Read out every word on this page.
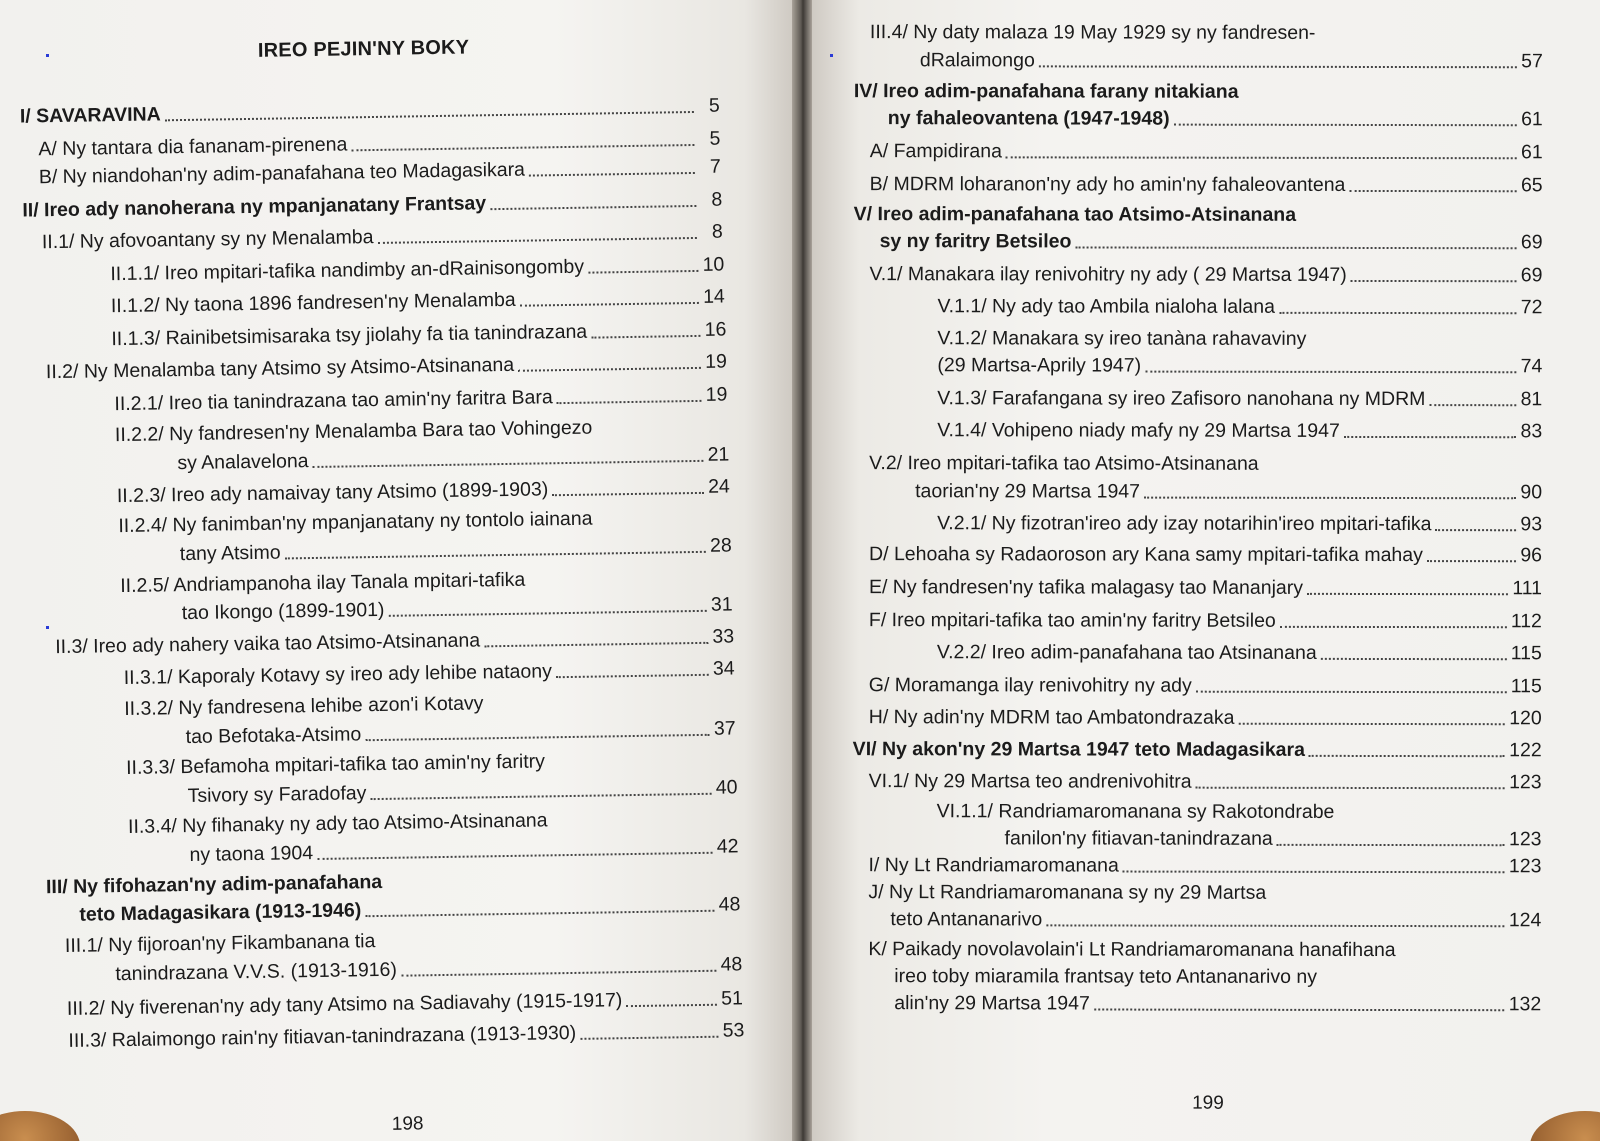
IREO PEJIN'NY BOKY
I/ SAVARAVINA	5
A/ Ny tantara dia fananam-pirenena	5
B/ Ny niandohan'ny adim-panafahana teo Madagasikara	7
II/ Ireo ady nanoherana ny mpanjanatany Frantsay	8
II.1/ Ny afovoantany sy ny Menalamba	8
II.1.1/ Ireo mpitari-tafika nandimby an-dRainisongomby	10
II.1.2/ Ny taona 1896 fandresen'ny Menalamba	14
II.1.3/ Rainibetsimisaraka tsy jiolahy fa tia tanindrazana	16
II.2/ Ny Menalamba tany Atsimo sy Atsimo-Atsinanana	19
II.2.1/ Ireo tia tanindrazana tao amin'ny faritra Bara	19
II.2.2/ Ny fandresen'ny Menalamba Bara tao Vohingezo
sy Analavelona	21
II.2.3/ Ireo ady namaivay tany Atsimo (1899-1903)	24
II.2.4/ Ny fanimban'ny mpanjanatany ny tontolo iainana
tany Atsimo	28
II.2.5/ Andriampanoha ilay Tanala mpitari-tafika
tao Ikongo (1899-1901)	31
II.3/ Ireo ady nahery vaika tao Atsimo-Atsinanana	33
II.3.1/ Kaporaly Kotavy sy ireo ady lehibe nataony	34
II.3.2/ Ny fandresena lehibe azon'i Kotavy
tao Befotaka-Atsimo	37
II.3.3/ Befamoha mpitari-tafika tao amin'ny faritry
Tsivory sy Faradofay	40
II.3.4/ Ny fihanaky ny ady tao Atsimo-Atsinanana
ny taona 1904	42
III/ Ny fifohazan'ny adim-panafahana
teto Madagasikara (1913-1946)	48
III.1/ Ny fijoroan'ny Fikambanana tia
tanindrazana V.V.S. (1913-1916)	48
III.2/ Ny fiverenan'ny ady tany Atsimo na Sadiavahy (1915-1917)	51
III.3/ Ralaimongo rain'ny fitiavan-tanindrazana (1913-1930)	53
198
III.4/ Ny daty malaza 19 May 1929 sy ny fandresen-
dRalaimongo	57
IV/ Ireo adim-panafahana farany nitakiana
ny fahaleovantena (1947-1948)	61
A/ Fampidirana	61
B/ MDRM loharanon'ny ady ho amin'ny fahaleovantena	65
V/ Ireo adim-panafahana tao Atsimo-Atsinanana
sy ny faritry Betsileo	69
V.1/ Manakara ilay renivohitry ny ady ( 29 Martsa 1947)	69
V.1.1/ Ny ady tao Ambila nialoha lalana	72
V.1.2/ Manakara sy ireo tanàna rahavaviny
(29 Martsa-Aprily 1947)	74
V.1.3/ Farafangana sy ireo Zafisoro nanohana ny MDRM	81
V.1.4/ Vohipeno niady mafy ny 29 Martsa 1947	83
V.2/ Ireo mpitari-tafika tao Atsimo-Atsinanana
taorian'ny 29 Martsa 1947	90
V.2.1/ Ny fizotran'ireo ady izay notarihin'ireo mpitari-tafika	93
D/ Lehoaha sy Radaoroson ary Kana samy mpitari-tafika mahay	96
E/ Ny fandresen'ny tafika malagasy tao Mananjary	111
F/ Ireo mpitari-tafika tao amin'ny faritry Betsileo	112
V.2.2/ Ireo adim-panafahana tao Atsinanana	115
G/ Moramanga ilay renivohitry ny ady	115
H/ Ny adin'ny MDRM tao Ambatondrazaka	120
VI/ Ny akon'ny 29 Martsa 1947 teto Madagasikara	122
VI.1/ Ny 29 Martsa teo andrenivohitra	123
VI.1.1/ Randriamaromanana sy Rakotondrabe
fanilon'ny fitiavan-tanindrazana	123
I/ Ny Lt Randriamaromanana	123
J/ Ny Lt Randriamaromanana sy ny 29 Martsa
teto Antananarivo	124
K/ Paikady novolavolain'i Lt Randriamaromanana hanafihana
ireo toby miaramila frantsay teto Antananarivo ny
alin'ny 29 Martsa 1947	132
199
